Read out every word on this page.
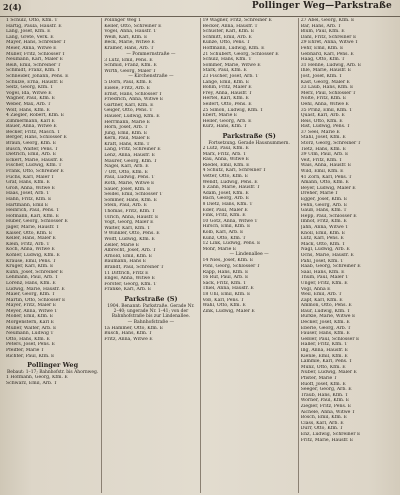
2(4)	Pollinger Weg—Parkstraße
1 Schulz, Otto, Kfm. T
Hartig, Paula, Hausfr. E
Lang, Josef, Kfm. E
Lang, Grete, Verk. E
Mayer, Hans, Schreiner T
Meier, Anna, Witwe E
Müller, Fritz, Schlosser T
Neumann, Karl, Maler E
Reiß, Emil, Schreiner T
Schmidt, Franz, Kfm. T
Schneider, Johann, Pens. E
Schulze, Erna, Hausfr. E
Seitz, Georg, Kfm. T
Vogel, Ida, Witwe E
Wagner, Paul, Kfm. E
Weber, Max, Arb. T
Wolf, Hans, Kfm. E
4 Ziegler, Robert, Kfm. E
Zimmermann, Karl E
Bauer, Anna, Witwe E
Becker, Fritz, Masch. T
Berger, Hans, Schlosser E
Braun, Georg, Kfm. E
Busch, Walter, Pens. T
Dietrich, Emil, Arb. E
Eckert, Marie, Hausfr. E
Fischer, Ludwig, Kfm. T
Frank, Otto, Schreiner E
Fuchs, Karl, Maler T
Graf, Hans, Kfm. E
Groß, Anna, Witwe E
Haas, Josef, Arb. T
Hahn, Fritz, Kfm. E
Hartmann, Emil E
Heinrich, Paul, Pens. T
Hofmann, Karl, Kfm. E
Huber, Georg, Schlosser E
Jäger, Marie, Hausfr. T
Kaiser, Otto, Kfm. E
Keller, Hans, Maler E
Klein, Fritz, Arb. T
Koch, Anna, Witwe E
Köhler, Ludwig, Kfm. E
Krause, Emil, Pens. T
Krüger, Karl, Kfm. E
Kuhn, Josef, Schreiner E
Lehmann, Paul, Arb. T
Lorenz, Hans, Kfm. E
Ludwig, Marie, Hausfr. E
Maier, Georg, Kfm. T
Martin, Otto, Schlosser E
Mayer, Fritz, Maler E
Meyer, Anna, Witwe T
Möller, Emil, Kfm. E
Morgenstern, Karl E
Müller, Walter, Arb. E
Neumann, Ludwig T
Otto, Hans, Kfm. E
Peters, Josef, Pens. E
Pfeiffer, Marie T
Richter, Paul, Kfm. E
Pollinger Weg
Bebaut: 1–17; Bahnhofstr. bis Ahornweg.
1 Hofmann, Georg, Kfm. E
Schwarz, Emil, Arb. T
Pollinger Weg 1
Keller, Otto, Schreiner E
Vogel, Anna, Hausfr. T
Weiß, Karl, Kfm. E
Beck, Marie, Witwe E
Krämer, Hans, Arb. T
— Pommernstraße —
3 Lutz, Emil, Pens. E
Schmid, Franz, Kfm. E
Wirth, Georg, Maler T
— Kirchenstraße —
5 Dorn, Paul, Kfm. E
Eisele, Fritz, Arb. E
Ernst, Hans, Schlosser T
Friedrich, Anna, Witwe E
Gärtner, Karl, Kfm. E
Geiger, Otto, Pens. T
Hauser, Ludwig, Kfm. E
Herrmann, Marie E
Horn, Josef, Arb. T
Jung, Emil, Kfm. E
Kern, Paul, Maler E
Kraft, Hans, Kfm. T
Lang, Fritz, Schreiner E
Lenz, Anna, Hausfr. E
Maurer, Georg, Kfm. T
Nagel, Karl, Arb. E
7 Ott, Otto, Kfm. E
Paul, Ludwig, Pens. T
Roth, Marie, Witwe E
Sauer, Josef, Kfm. E
Seidel, Emil, Schlosser T
Sommer, Hans, Kfm. E
Stein, Paul, Arb. E
Thomas, Fritz, Kfm. T
Ulrich, Anna, Hausfr. E
Vogt, Georg, Maler E
Walter, Karl, Kfm. T
9 Winkler, Otto, Pens. E
Wolff, Ludwig, Kfm. E
Zeller, Marie E
Albrecht, Josef, Arb. T
Arnold, Emil, Kfm. E
Baumann, Hans E
Brandt, Paul, Schreiner T
11 Dittrich, Fritz E
Engel, Anna, Witwe E
Förster, Georg, Kfm. T
Franke, Karl, Arb. E
Parkstraße (S)
1904. Benannt: Parkstraße. Gerade Nr. 2–40; ungerade Nr. 1–41; von der Bahnhofstraße bis zur Lindenallee.
— Bahnhofstraße —
1a Hammer, Otto, Kfm. E
Busch, Hans, Kfm. T
Fritz, Anna, Witwe E
19 Wagner, Fritz, Schreiner E
Becker, Anna, Hausfr. T
Schuster, Karl, Kfm. E
Schmitt, Emil, Arb. E
Kunze, Otto, Pens. T
Hoffmann, Ludwig, Kfm. E
21 Schubert, Georg, Schlosser E
Schulz, Hans, Kfm. T
Sommer, Marie, Witwe E
Stark, Paul, Kfm. E
23 Fischer, Josef, Arb. T
Lange, Emil, Kfm. E
Böhm, Fritz, Maler E
Frey, Anna, Hausfr. T
Hertel, Karl, Kfm. E
Seifert, Otto, Pens. E
25 Simon, Ludwig, Kfm. T
Ebert, Marie E
Heller, Georg, Arb. E
Kurz, Hans, Kfm. T
Parkstraße (S)
Fortsetzung. Gerade Hausnummern.
2 Lutz, Paul, Kfm. E
Marx, Fritz, Arb. T
Rau, Anna, Witwe E
Riedel, Emil, Kfm. E
4 Schütz, Karl, Schreiner T
Vetter, Otto, Kfm. E
Wendt, Ludwig, Pens. E
6 Zahn, Marie, Hausfr. T
Adam, Josef, Kfm. E
Bach, Georg, Arb. E
8 Dietz, Hans, Kfm. T
Eder, Paul, Maler E
Fink, Fritz, Kfm. E
10 Götz, Anna, Witwe T
Hirsch, Emil, Kfm. E
Kolb, Karl, Arb. E
Kunz, Otto, Kfm. T
12 Link, Ludwig, Pens. E
Mohr, Marie E
— Lindenallee —
14 Nies, Josef, Kfm. E
Pohl, Georg, Schlosser T
Rapp, Hans, Kfm. E
16 Ruf, Paul, Arb. E
Sack, Fritz, Kfm. T
Thiel, Anna, Hausfr. E
18 Uhl, Emil, Kfm. E
Voß, Karl, Pens. T
Wahl, Otto, Kfm. E
Zink, Ludwig, Maler E
27 Abel, Georg, Kfm. E
Bär, Hans, Arb. T
Blum, Paul, Kfm. E
Dahl, Fritz, Schreiner E
29 Ehret, Anna, Witwe T
Fehr, Emil, Kfm. E
Gebhard, Karl, Pens. E
Haag, Otto, Kfm. T
31 Henne, Ludwig, Arb. E
Ihle, Marie, Hausfr. E
Jost, Josef, Kfm. T
Kast, Georg, Maler E
33 Laub, Hans, Kfm. E
Merz, Paul, Schlosser T
Nolte, Fritz, Kfm. E
Oehl, Anna, Witwe E
35 Prinz, Emil, Kfm. T
Quast, Karl, Arb. E
Reis, Otto, Kfm. E
Rist, Ludwig, Pens. T
37 Seel, Marie E
Stahl, Josef, Kfm. E
Storz, Georg, Schreiner T
Tietz, Hans, Kfm. E
39 Ulm, Paul, Arb. E
Veit, Fritz, Kfm. T
Wais, Anna, Hausfr. E
Wild, Emil, Kfm. E
41 Zorn, Karl, Pens. T
Amann, Otto, Kfm. E
Beyer, Ludwig, Maler E
Dreher, Marie T
Egger, Josef, Kfm. E
Fehn, Georg, Arb. E
Gauß, Hans, Kfm. T
Hepp, Paul, Schlosser E
Imhof, Fritz, Kfm. E
Jahn, Anna, Witwe T
Knoll, Emil, Kfm. E
Lutz, Karl, Pens. E
Mack, Otto, Kfm. T
Nagl, Ludwig, Arb. E
Ochs, Marie, Hausfr. E
Pahl, Josef, Kfm. T
Raab, Georg, Schreiner E
Saal, Hans, Kfm. E
Thum, Paul, Maler T
Unger, Fritz, Kfm. E
Vogl, Anna E
Weil, Emil, Arb. T
Zapf, Karl, Kfm. E
Ammon, Otto, Pens. E
Baur, Ludwig, Kfm. T
Bürkle, Marie, Witwe E
Decker, Josef, Kfm. E
Eberle, Georg, Arb. T
Fauser, Hans, Kfm. E
Geßler, Paul, Schlosser E
Haller, Fritz, Kfm. T
Illg, Anna, Hausfr. E
Kienle, Emil, Kfm. E
Lämmle, Karl, Pens. T
Munz, Otto, Kfm. E
Nuber, Ludwig, Maler E
Pfister, Marie T
Ruoff, Josef, Kfm. E
Seeger, Georg, Arb. E
Traub, Hans, Kfm. T
Wörner, Paul, Kfm. E
Ziegler, Fritz, Pens. E
Aichele, Anna, Witwe T
Bosch, Emil, Kfm. E
Class, Karl, Arb. E
Dürr, Otto, Kfm. T
Enz, Ludwig, Schreiner E
Fritz, Marie, Hausfr. E
